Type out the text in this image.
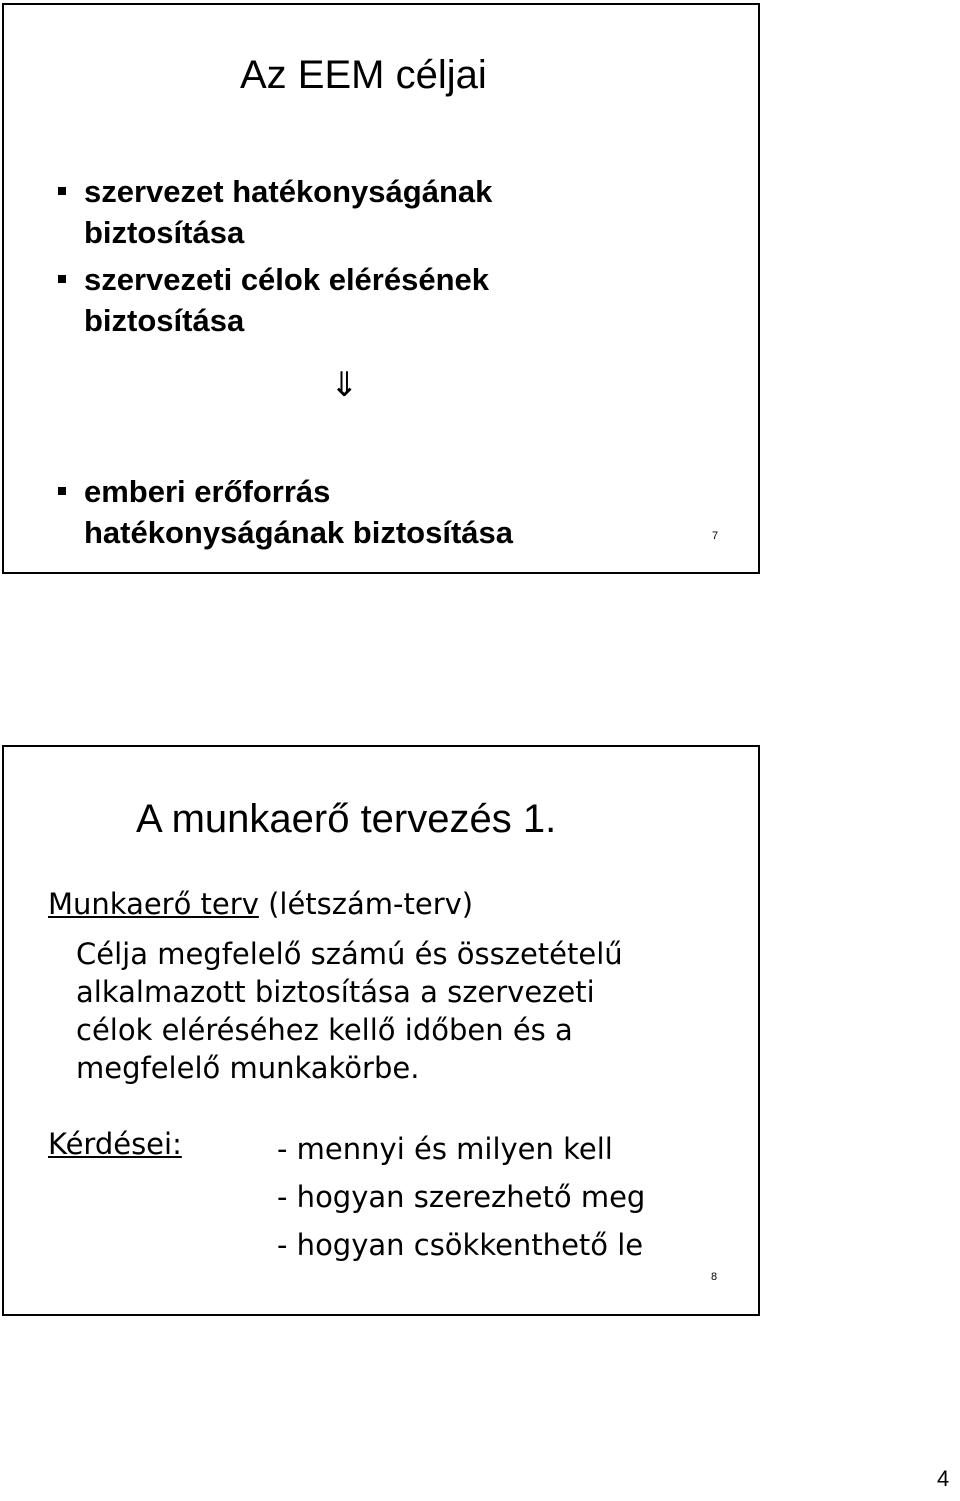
Az EEM céljai
szervezet hatékonyságának
biztosítása
szervezeti célok elérésének
biztosítása
⇓
emberi erőforrás
hatékonyságának biztosítása	7
A munkaerő tervezés 1.
Munkaerő terv (létszám-terv)
Célja megfelelő számú és összetételű
alkalmazott biztosítása a szervezeti
célok eléréséhez kellő időben és a
megfelelő munkakörbe.
Kérdései:	- mennyi és milyen kell
- hogyan szerezhető meg
- hogyan csökkenthető le
8
4
